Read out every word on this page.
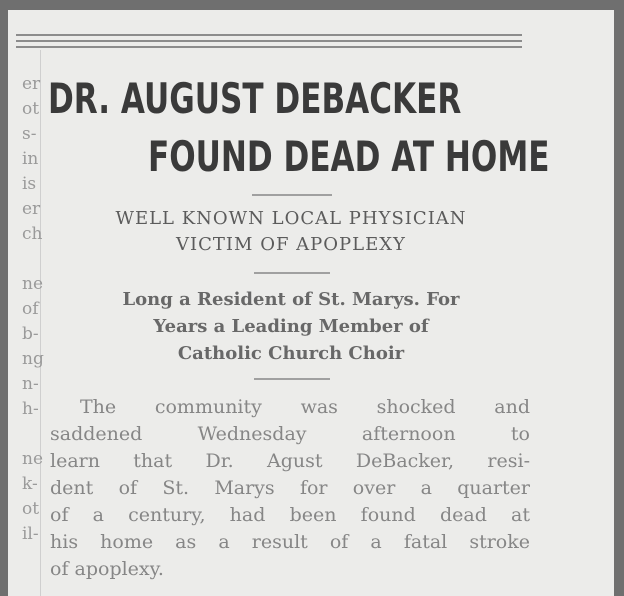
er
ot
s-
in
is
er
ch

ne
of
b-
ng
n-
h-

ne
k-
ot
il-
DR. AUGUST DEBACKER
FOUND DEAD AT HOME
WELL KNOWN LOCAL PHYSICIAN
VICTIM OF APOPLEXY
Long a Resident of St. Marys. For
Years a Leading Member of
Catholic Church Choir
The community was shocked and
saddened Wednesday afternoon to
learn that Dr. Agust DeBacker, resi-
dent of St. Marys for over a quarter
of a century, had been found dead at
his home as a result of a fatal stroke
of apoplexy.
